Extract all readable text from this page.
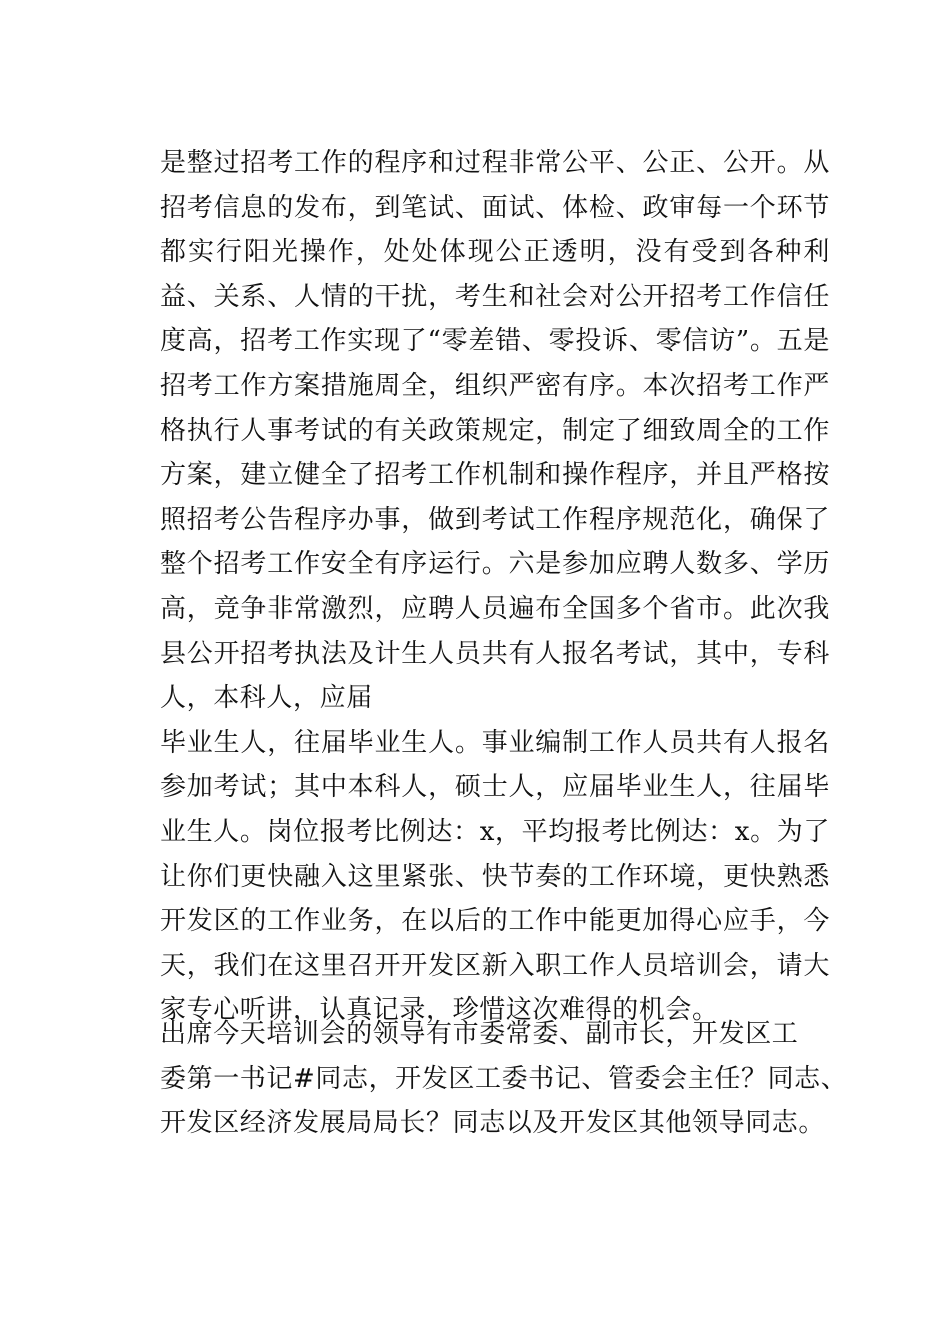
是整过招考工作的程序和过程非常公平、公正、公开。从招考信息的发布，到笔试、面试、体检、政审每一个环节都实行阳光操作，处处体现公正透明，没有受到各种利益、关系、人情的干扰，考生和社会对公开招考工作信任度高，招考工作实现了“零差错、零投诉、零信访”。五是招考工作方案措施周全，组织严密有序。本次招考工作严格执行人事考试的有关政策规定，制定了细致周全的工作方案，建立健全了招考工作机制和操作程序，并且严格按照招考公告程序办事，做到考试工作程序规范化，确保了整个招考工作安全有序运行。六是参加应聘人数多、学历高，竞争非常激烈，应聘人员遍布全国多个省市。此次我县公开招考执法及计生人员共有人报名考试，其中，专科人，本科人，应届

毕业生人，往届毕业生人。事业编制工作人员共有人报名参加考试；其中本科人，硕士人，应届毕业生人，往届毕业生人。岗位报考比例达：x，平均报考比例达：x。为了让你们更快融入这里紧张、快节奏的工作环境，更快熟悉开发区的工作业务，在以后的工作中能更加得心应手，今天，我们在这里召开开发区新入职工作人员培训会，请大家专心听讲，认真记录，珍惜这次难得的机会。

出席今天培训会的领导有市委常委、副市长，开发区工
委第一书记#同志，开发区工委书记、管委会主任？同志、
开发区经济发展局局长？同志以及开发区其他领导同志。
